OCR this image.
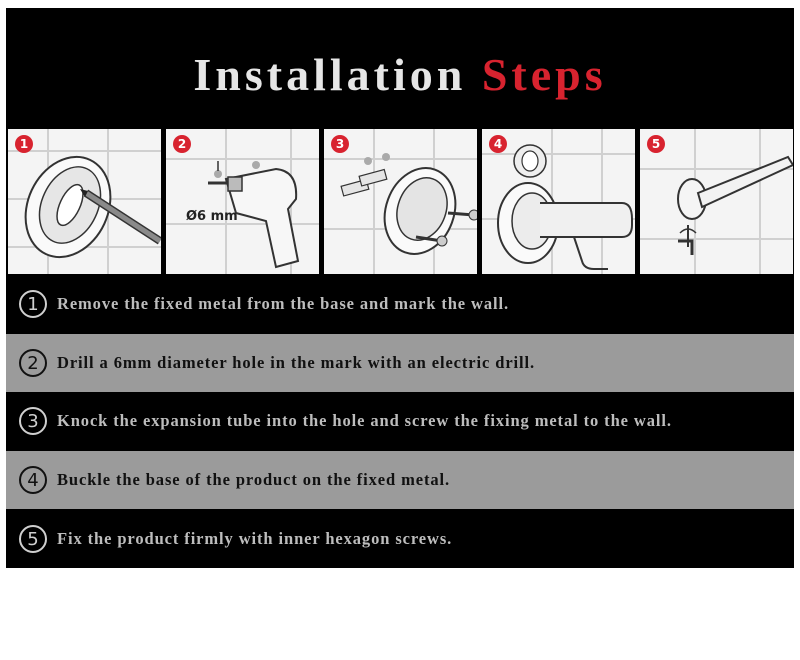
Installation Steps
1	2
Ø6 mm
3	4	5
1	Remove the fixed metal from the base and mark the wall.
2	Drill a 6mm diameter hole in the mark with an electric drill.
3	Knock the expansion tube into the hole and screw the fixing metal to the wall.
4	Buckle the base of the product on the fixed metal.
5	Fix the product firmly with inner hexagon screws.
